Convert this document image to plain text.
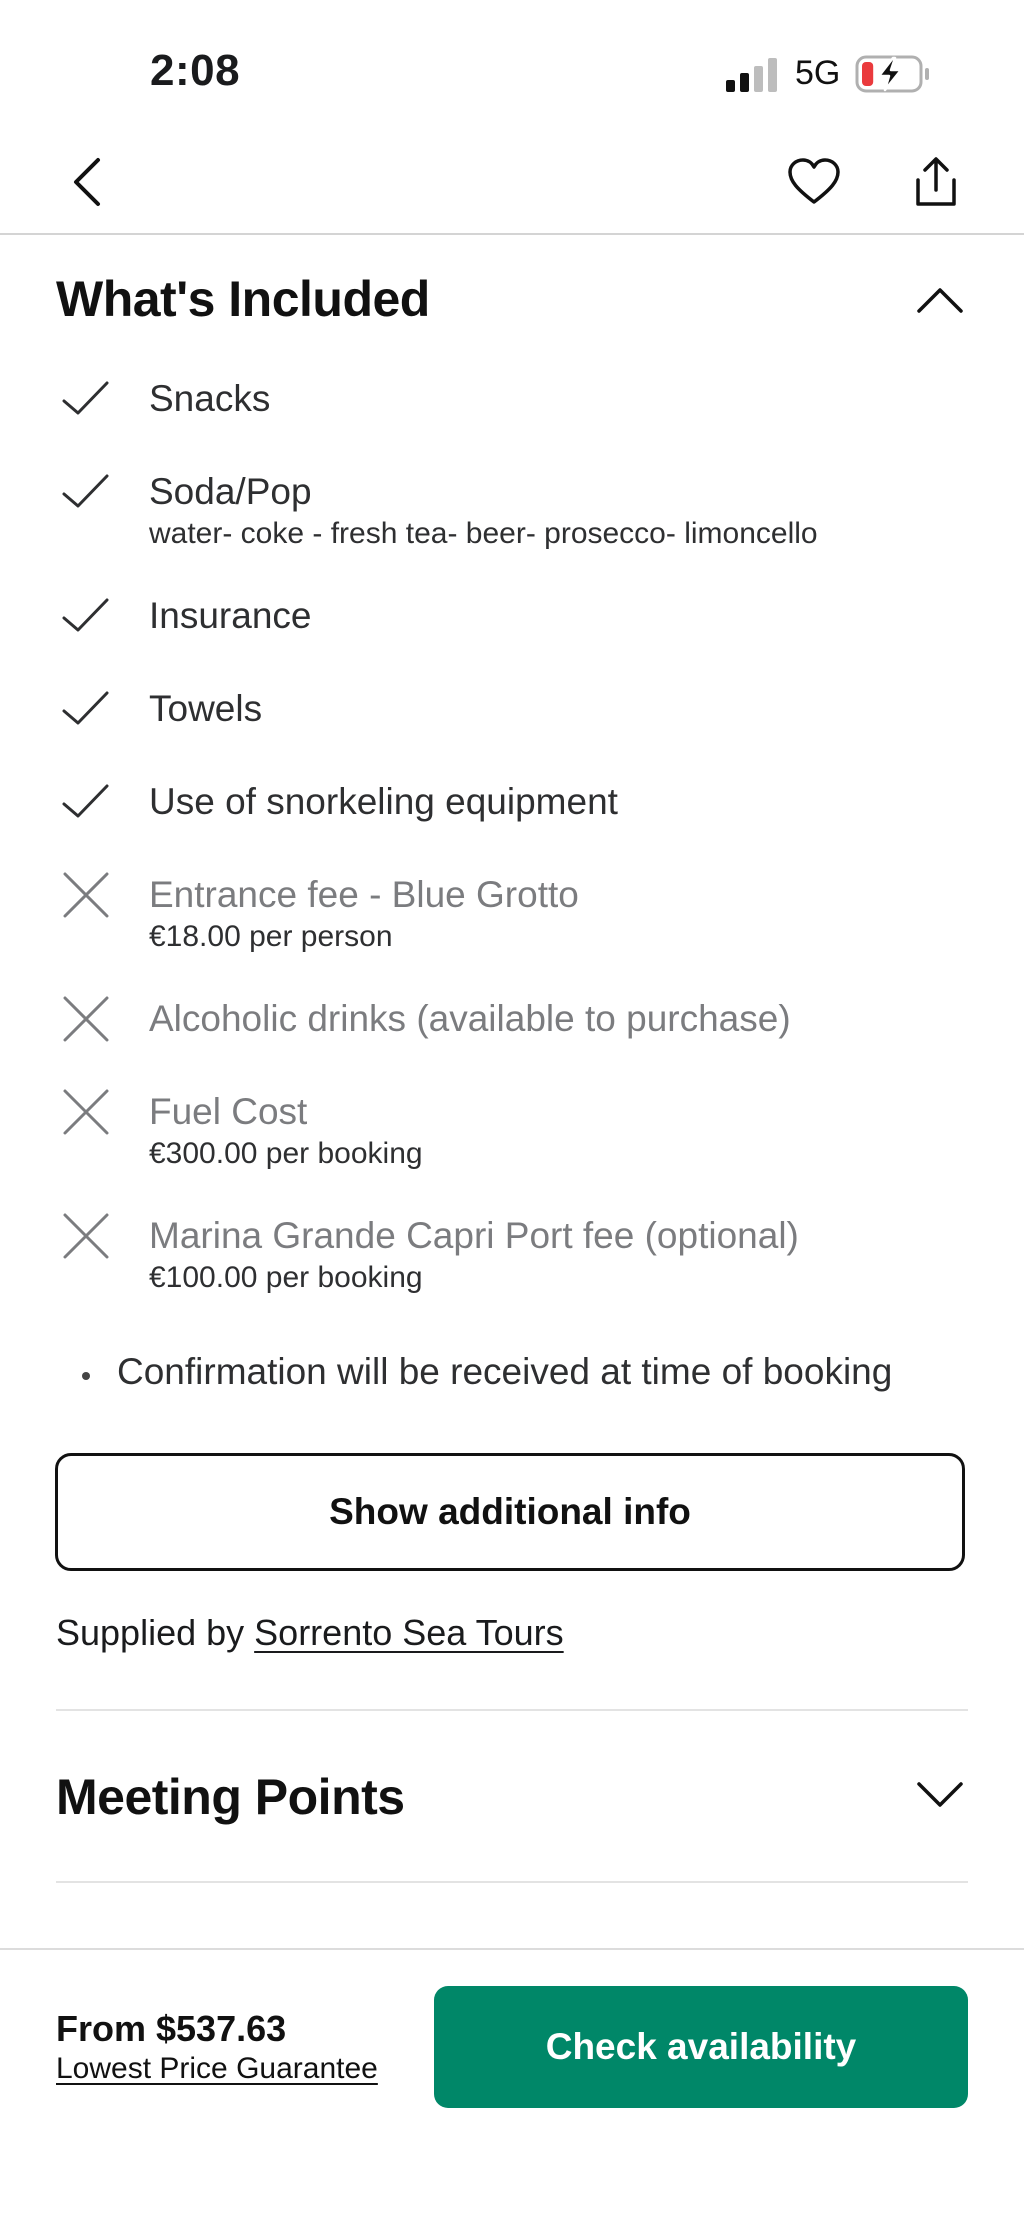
2:08	5G
What's Included
Snacks
Soda/Pop
water- coke - fresh tea- beer- prosecco- limoncello
Insurance
Towels
Use of snorkeling equipment
Entrance fee - Blue Grotto
€18.00 per person
Alcoholic drinks (available to purchase)
Fuel Cost
€300.00 per booking
Marina Grande Capri Port fee (optional)
€100.00 per booking
Confirmation will be received at time of booking
Show additional info
Supplied by Sorrento Sea Tours
Meeting Points
From $537.63
Lowest Price Guarantee
Check availability
